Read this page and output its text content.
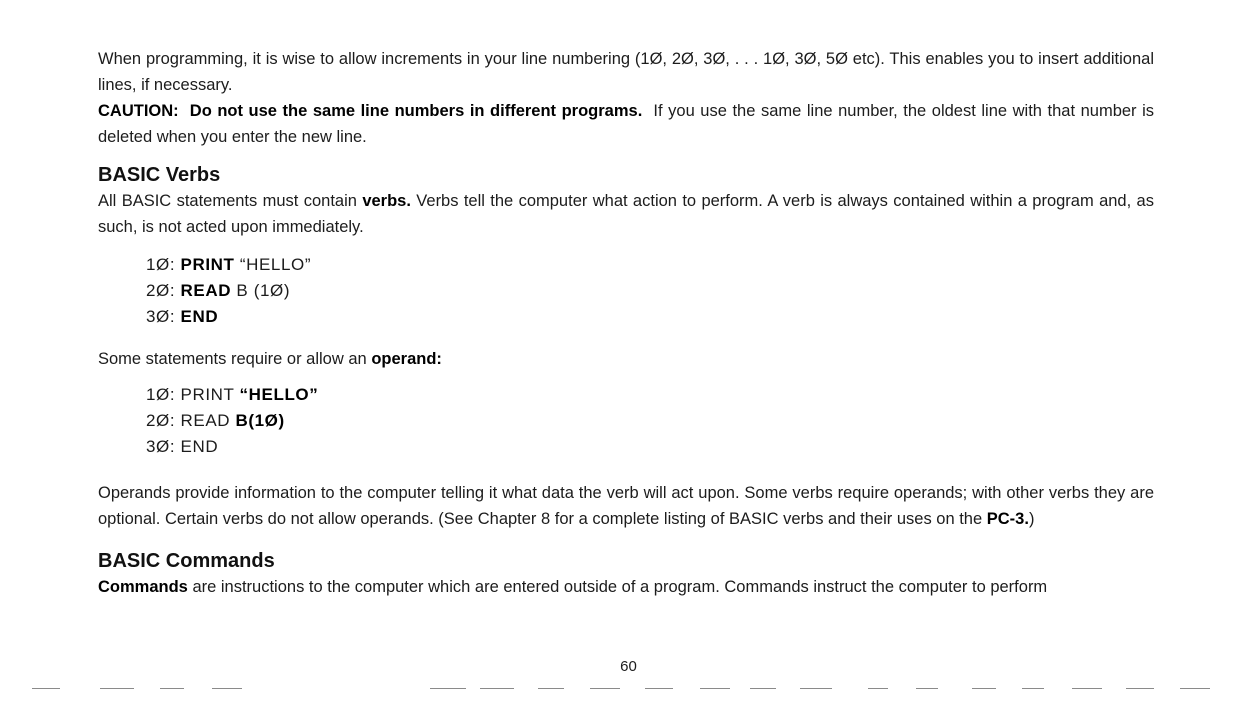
When programming, it is wise to allow increments in your line numbering (1Ø, 2Ø, 3Ø, . . . 1Ø, 3Ø, 5Ø etc). This enables you to insert additional lines, if necessary.

CAUTION: Do not use the same line numbers in different programs. If you use the same line number, the oldest line with that number is deleted when you enter the new line.

BASIC Verbs

All BASIC statements must contain verbs. Verbs tell the computer what action to perform. A verb is always contained within a program and, as such, is not acted upon immediately.

1Ø: PRINT “HELLO”
2Ø: READ B (1Ø)
3Ø: END

Some statements require or allow an operand:

1Ø: PRINT “HELLO”
2Ø: READ B(1Ø)
3Ø: END

Operands provide information to the computer telling it what data the verb will act upon. Some verbs require operands; with other verbs they are optional. Certain verbs do not allow operands. (See Chapter 8 for a complete listing of BASIC verbs and their uses on the PC-3.)

BASIC Commands

Commands are instructions to the computer which are entered outside of a program. Commands instruct the computer to perform

60
